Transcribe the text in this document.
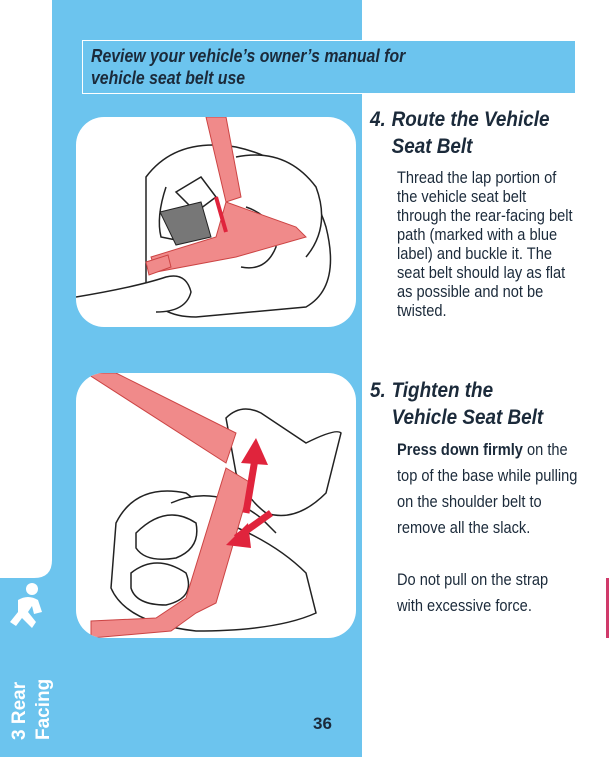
Review your vehicle’s owner’s manual for
vehicle seat belt use
4. Route the Vehicle
Seat Belt
Thread the lap portion of the vehicle seat belt through the rear-facing belt path (marked with a blue label) and buckle it. The seat belt should lay as flat as possible and not be twisted.
5. Tighten the
Vehicle Seat Belt
Press down firmly on the top of the base while pulling on the shoulder belt to remove all the slack.
Do not pull on the strap with excessive force.
3 Rear Facing	36
